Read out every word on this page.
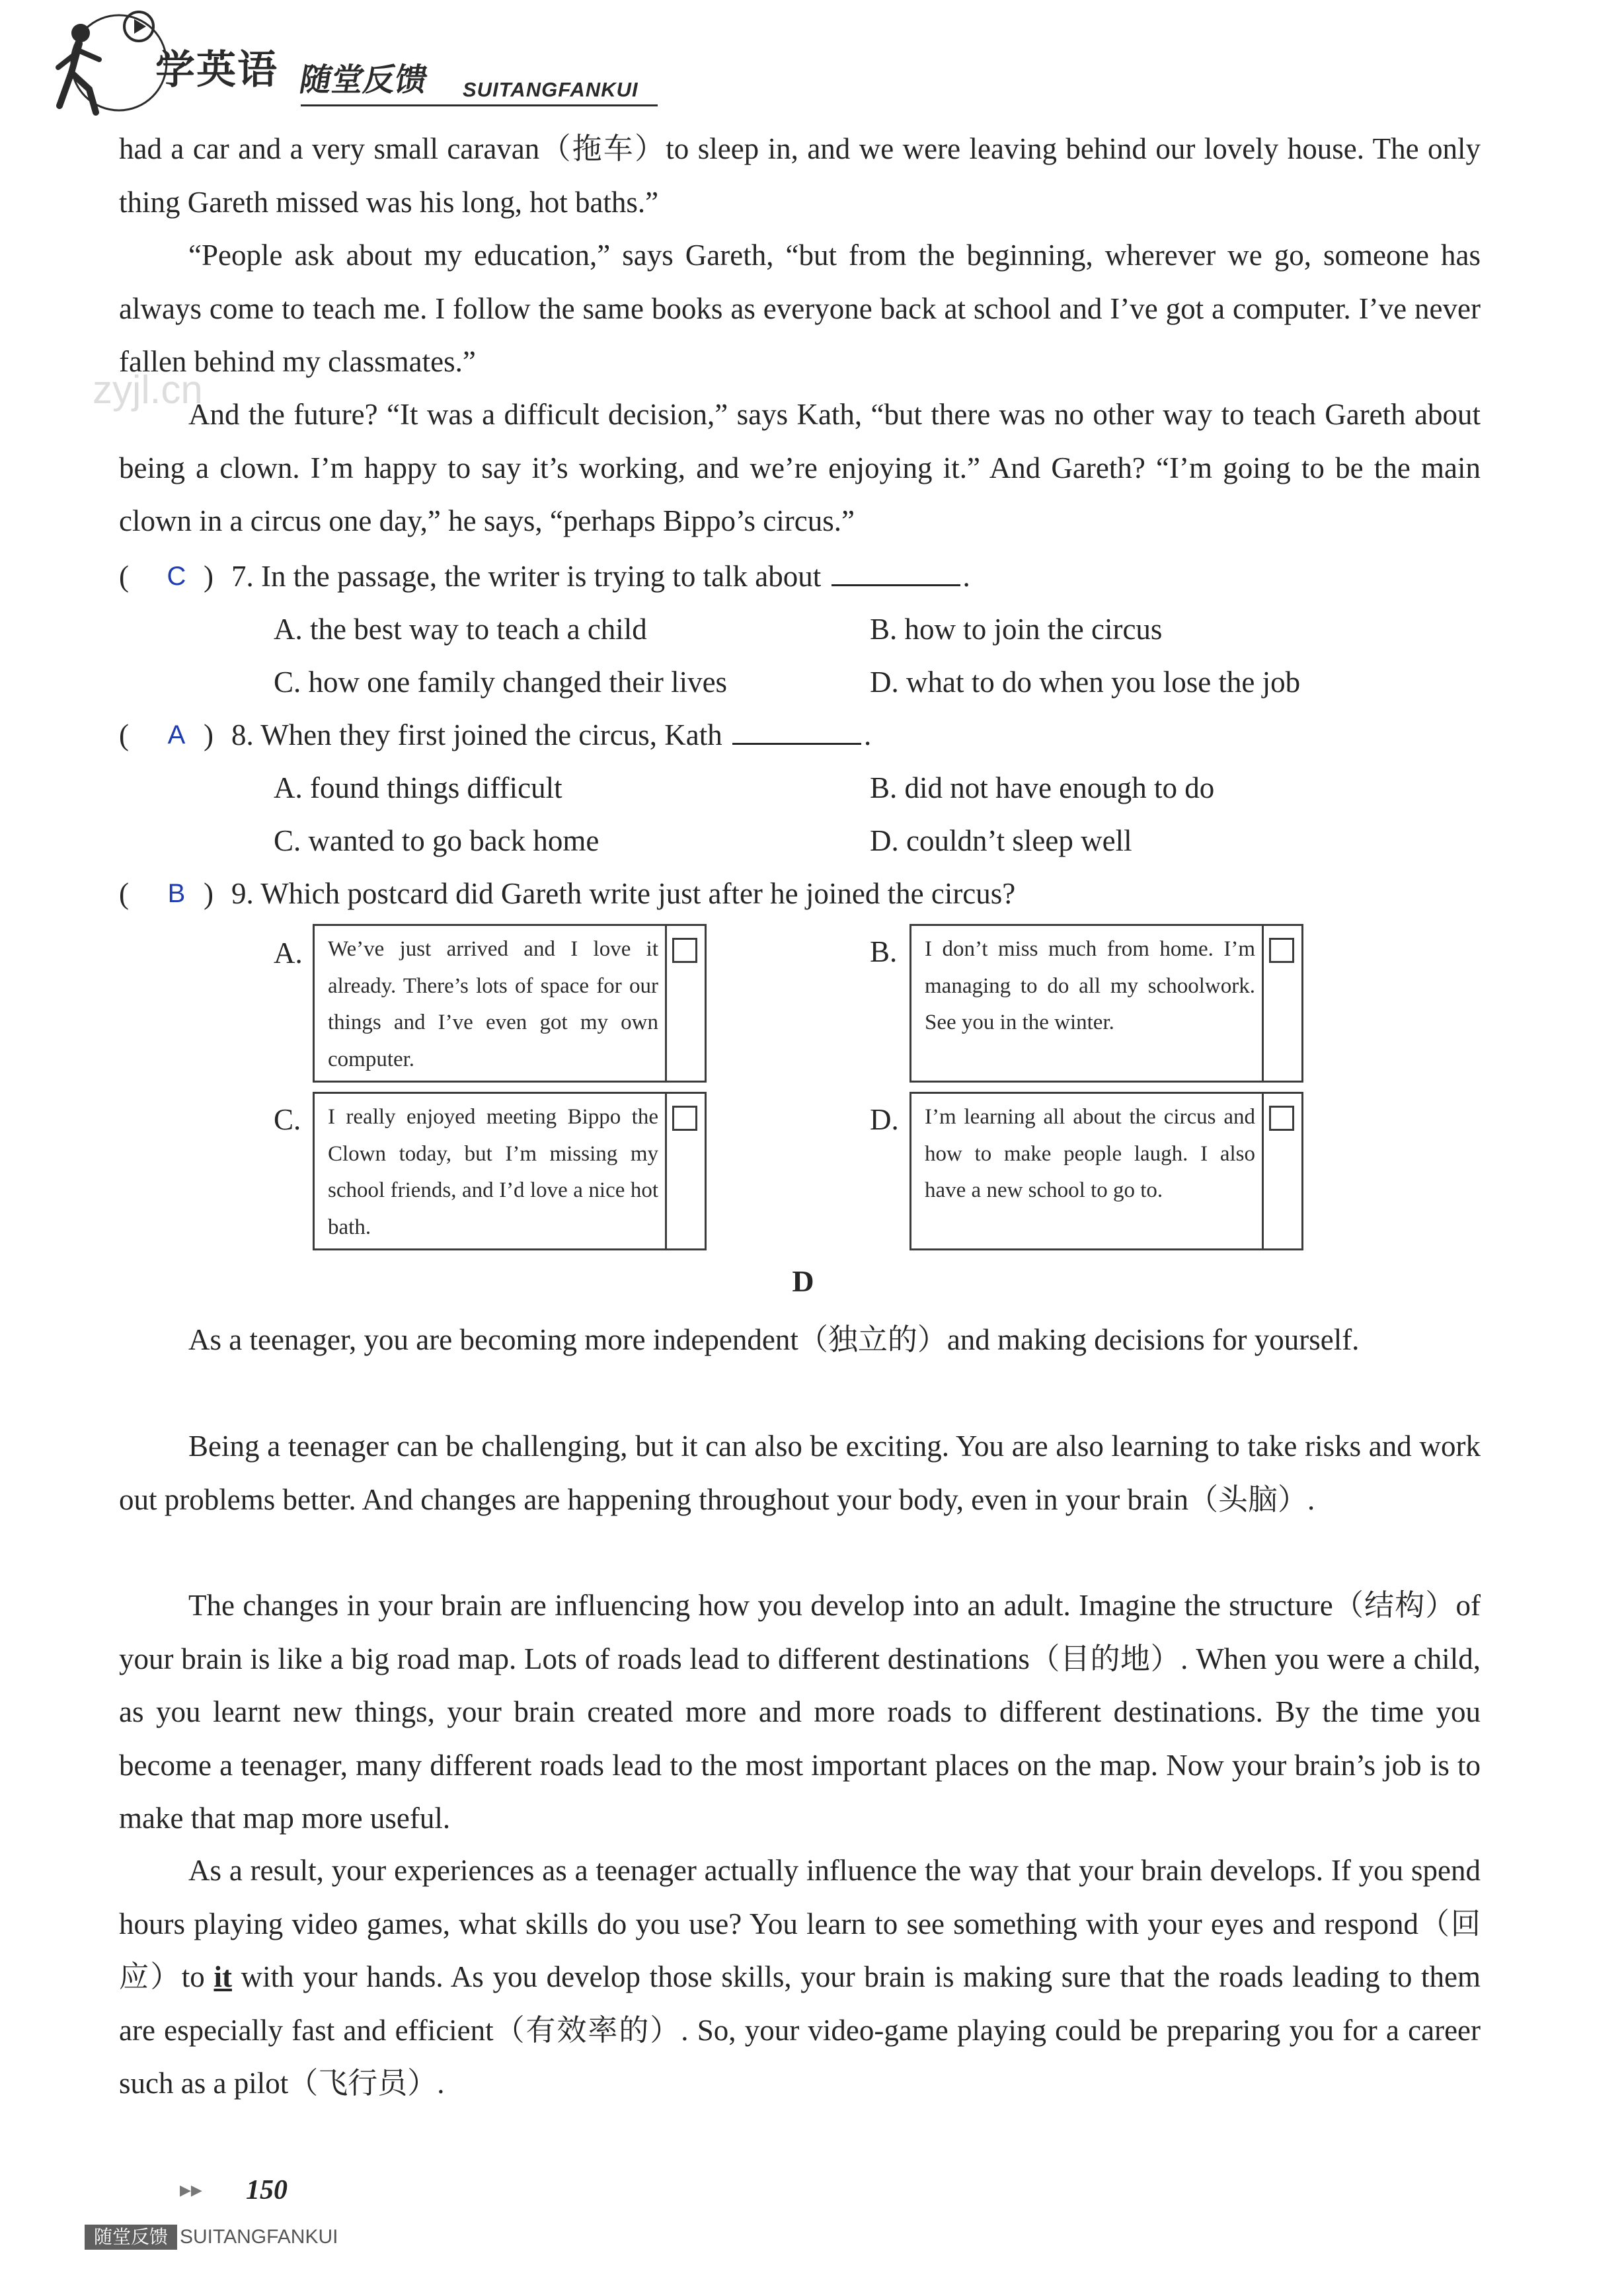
学英语 随堂反馈 SUITANGFANKUI
zyjl.cn

had a car and a very small caravan（拖车）to sleep in, and we were leaving behind our lovely house. The only thing Gareth missed was his long, hot baths.”

“People ask about my education,” says Gareth, “but from the beginning, wherever we go, someone has always come to teach me. I follow the same books as everyone back at school and I’ve got a computer. I’ve never fallen behind my classmates.”

And the future? “It was a difficult decision,” says Kath, “but there was no other way to teach Gareth about being a clown. I’m happy to say it’s working, and we’re enjoying it.” And Gareth? “I’m going to be the main clown in a circus one day,” he says, “perhaps Bippo’s circus.”

(	C ) 7. In the passage, the writer is trying to talk about	.
A. the best way to teach a child	B. how to join the circus
C. how one family changed their lives	D. what to do when you lose the job
(	A ) 8. When they first joined the circus, Kath	.
A. found things difficult	B. did not have enough to do
C. wanted to go back home	D. couldn’t sleep well
(	B ) 9. Which postcard did Gareth write just after he joined the circus?
A. We’ve just arrived and I love it already. There’s lots of space for our things and I’ve even got my own computer.
B. I don’t miss much from home. I’m managing to do all my schoolwork. See you in the winter.
C. I really enjoyed meeting Bippo the Clown today, but I’m missing my school friends, and I’d love a nice hot bath.
D. I’m learning all about the circus and how to make people laugh. I also have a new school to go to.
D

As a teenager, you are becoming more independent（独立的）and making decisions for yourself.

Being a teenager can be challenging, but it can also be exciting. You are also learning to take risks and work out problems better. And changes are happening throughout your body, even in your brain（头脑）.

The changes in your brain are influencing how you develop into an adult. Imagine the structure（结构）of your brain is like a big road map. Lots of roads lead to different destinations（目的地）. When you were a child, as you learnt new things, your brain created more and more roads to different destinations. By the time you become a teenager, many different roads lead to the most important places on the map. Now your brain’s job is to make that map more useful.

As a result, your experiences as a teenager actually influence the way that your brain develops. If you spend hours playing video games, what skills do you use? You learn to see something with your eyes and respond（回应）to it with your hands. As you develop those skills, your brain is making sure that the roads leading to them are especially fast and efficient（有效率的）. So, your video-game playing could be preparing you for a career such as a pilot（飞行员）.

▶▶ 150
随堂反馈 SUITANGFANKUI
